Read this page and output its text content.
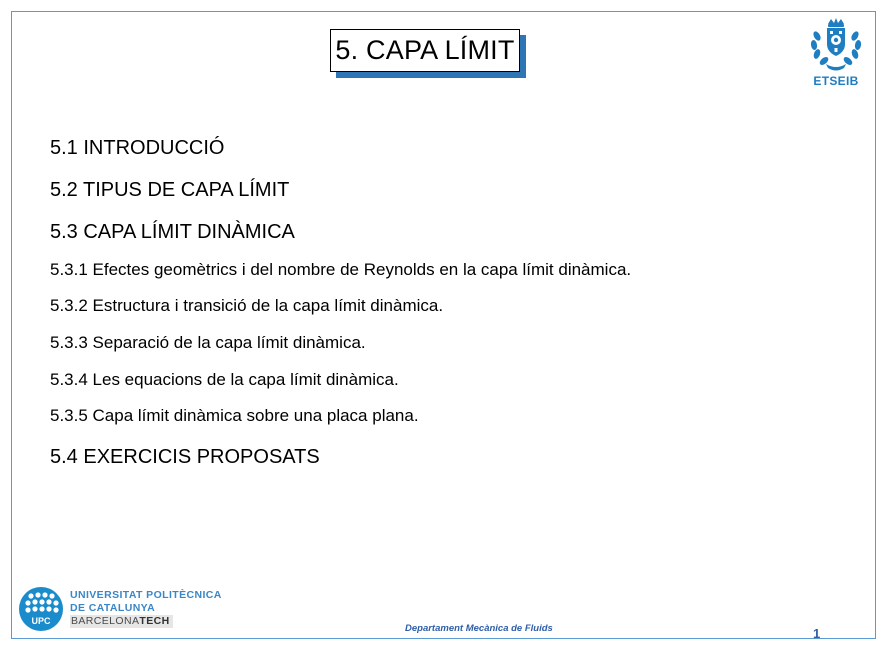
5. CAPA LÍMIT
ETSEIB
5.1 INTRODUCCIÓ
5.2 TIPUS DE CAPA LÍMIT
5.3 CAPA LÍMIT DINÀMICA
5.3.1 Efectes geomètrics i del nombre de Reynolds en la capa límit dinàmica.
5.3.2 Estructura i transició de la capa límit dinàmica.
5.3.3 Separació de la capa límit dinàmica.
5.3.4 Les equacions de la capa límit dinàmica.
5.3.5 Capa límit dinàmica sobre una placa plana.
5.4 EXERCICIS PROPOSATS
UPC
UNIVERSITAT POLITÈCNICA
DE CATALUNYA
BARCELONATECH
Departament Mecànica de Fluids	1
